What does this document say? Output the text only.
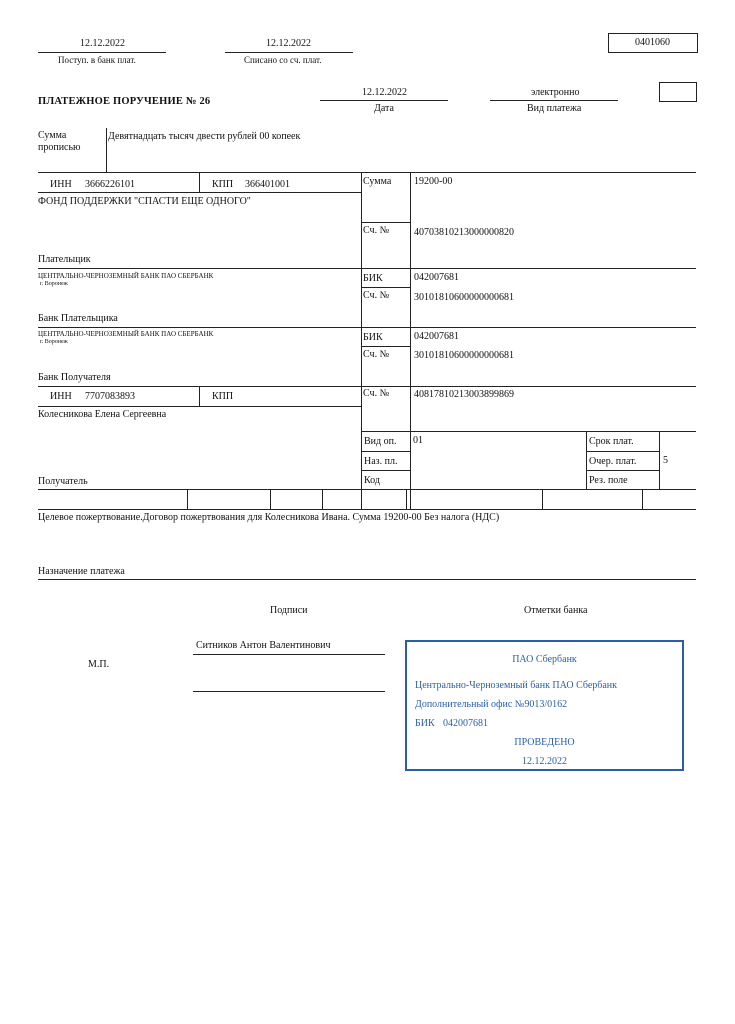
12.12.2022
Поступ. в банк плат.
12.12.2022
Списано со сч. плат.
0401060
ПЛАТЕЖНОЕ ПОРУЧЕНИЕ № 26
12.12.2022
Дата
электронно
Вид платежа
Сумма
прописью
Девятнадцать тысяч двести рублей 00 копеек
ИНН 3666226101	КПП 366401001
ФОНД ПОДДЕРЖКИ "СПАСТИ ЕЩЕ ОДНОГО"
Плательщик
Сумма 19200-00
Сч. № 40703810213000000820
ЦЕНТРАЛЬНО-ЧЕРНОЗЕМНЫЙ БАНК ПАО СБЕРБАНК
г. Воронеж
Банк Плательщика
БИК	042007681
Сч. № 30101810600000000681
ЦЕНТРАЛЬНО-ЧЕРНОЗЕМНЫЙ БАНК ПАО СБЕРБАНК
г. Воронеж
Банк Получателя
БИК	042007681
Сч. № 30101810600000000681
ИНН 7707083893	КПП
Колесникова Елена Сергеевна
Получатель
Сч. № 40817810213003899869
Вид оп. 01	Срок плат.
Наз. пл.	Очер. плат.	5
Код	Рез. поле
Целевое пожертвование.Договор пожертвования для Колесникова Ивана. Сумма 19200-00 Без налога (НДС)
Назначение платежа
Подписи	Отметки банка
Ситников Антон Валентинович
М.П.	ПАО Сбербанк
Центрально-Черноземный банк ПАО Сбербанк
Дополнительный офис №9013/0162
БИК 042007681
ПРОВЕДЕНО
12.12.2022
